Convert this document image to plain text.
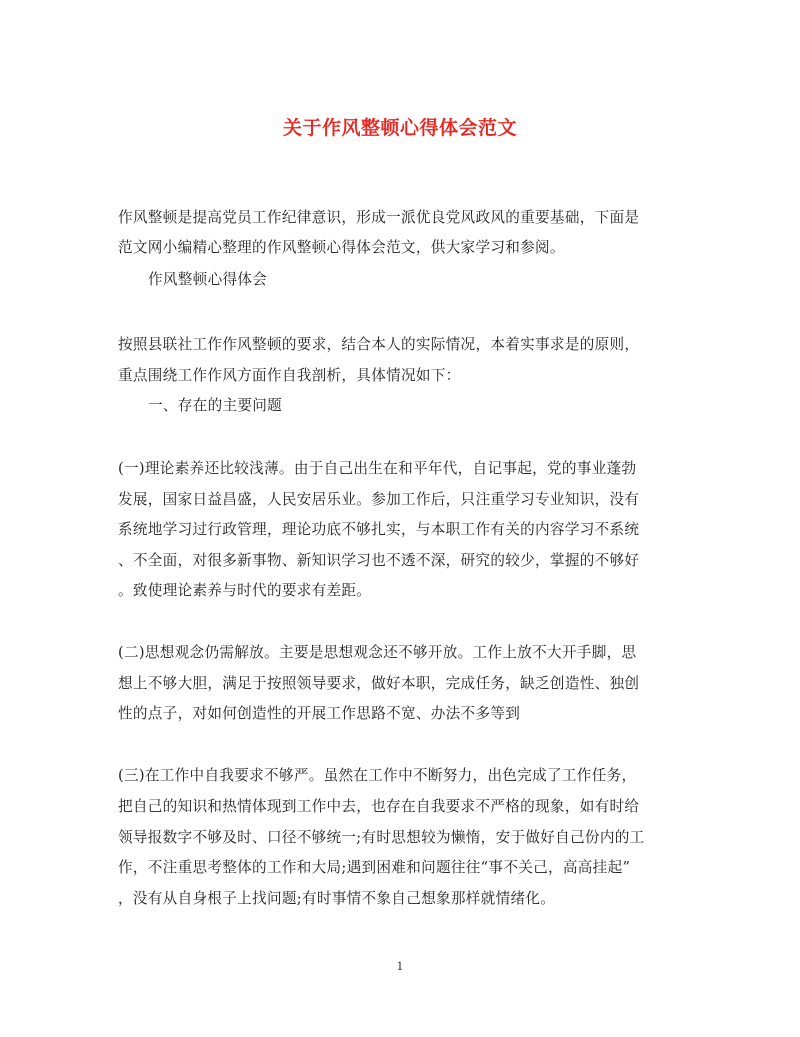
关于作风整顿心得体会范文
作风整顿是提高党员工作纪律意识，形成一派优良党风政风的重要基础，下面是
范文网小编精心整理的作风整顿心得体会范文，供大家学习和参阅。
作风整顿心得体会
按照县联社工作作风整顿的要求，结合本人的实际情况，本着实事求是的原则，
重点围绕工作作风方面作自我剖析，具体情况如下：
一、存在的主要问题
(一)理论素养还比较浅薄。由于自己出生在和平年代，自记事起，党的事业蓬勃
发展，国家日益昌盛，人民安居乐业。参加工作后，只注重学习专业知识，没有
系统地学习过行政管理，理论功底不够扎实，与本职工作有关的内容学习不系统
、不全面，对很多新事物、新知识学习也不透不深，研究的较少，掌握的不够好
。致使理论素养与时代的要求有差距。
(二)思想观念仍需解放。主要是思想观念还不够开放。工作上放不大开手脚，思
想上不够大胆，满足于按照领导要求，做好本职，完成任务，缺乏创造性、独创
性的点子，对如何创造性的开展工作思路不宽、办法不多等到
(三)在工作中自我要求不够严。虽然在工作中不断努力，出色完成了工作任务，
把自己的知识和热情体现到工作中去，也存在自我要求不严格的现象，如有时给
领导报数字不够及时、口径不够统一;有时思想较为懒惰，安于做好自己份内的工
作，不注重思考整体的工作和大局;遇到困难和问题往往“事不关己，高高挂起”
，没有从自身根子上找问题;有时事情不象自己想象那样就情绪化。
1
